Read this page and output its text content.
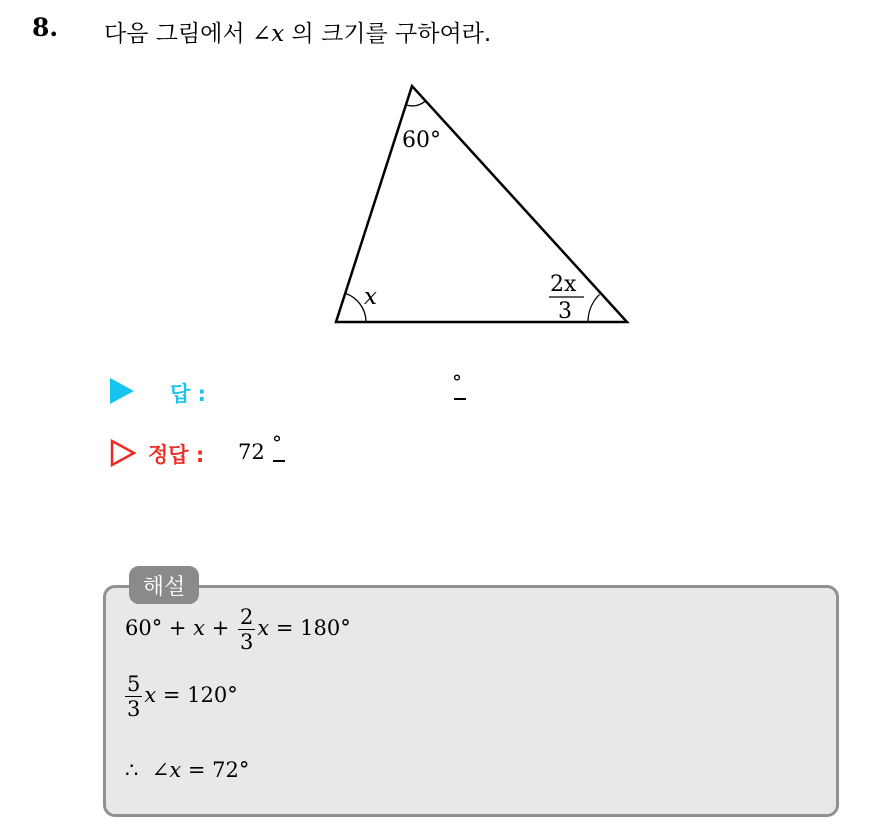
8. 다음 그림에서 ∠x 의 크기를 구하여라.
60°
x	2x
3
답 :	°
정답 : 72 °
$60^\circ + x + \frac{2}{3}$ x = 180°
$\frac{5}{3}$ x = 120°
∴ ∠x = 72°
해설
